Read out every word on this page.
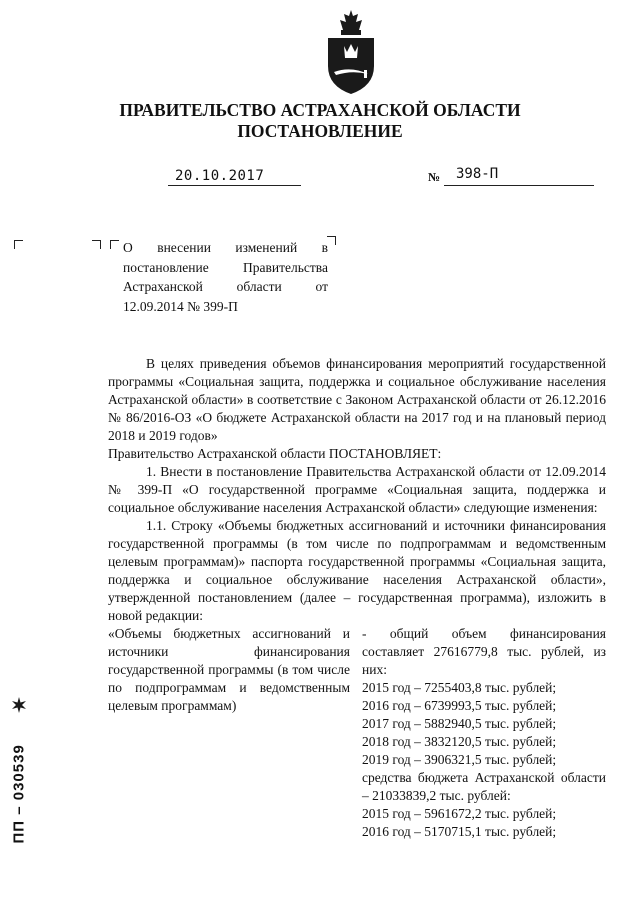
ПРАВИТЕЛЬСТВО АСТРАХАНСКОЙ ОБЛАСТИ
ПОСТАНОВЛЕНИЕ
20.10.2017	№ 398-П
О внесении изменений в постановление Правительства Астраханской области от 12.09.2014 № 399-П

В целях приведения объемов финансирования мероприятий государственной программы «Социальная защита, поддержка и социальное обслуживание населения Астраханской области» в соответствие с Законом Астраханской области от 26.12.2016 № 86/2016-ОЗ «О бюджете Астраханской области на 2017 год и на плановый период 2018 и 2019 годов»

Правительство Астраханской области ПОСТАНОВЛЯЕТ:

1. Внести в постановление Правительства Астраханской области от 12.09.2014 № 399-П «О государственной программе «Социальная защита, поддержка и социальное обслуживание населения Астраханской области» следующие изменения:

1.1. Строку «Объемы бюджетных ассигнований и источники финансирования государственной программы (в том числе по подпрограммам и ведомственным целевым программам)» паспорта государственной программы «Социальная защита, поддержка и социальное обслуживание населения Астраханской области», утвержденной постановлением (далее – государственная программа), изложить в новой редакции:

«Объемы бюджетных ассигнований и источники финансирования государственной программы (в том числе по подпрограммам и ведомственным целевым программам)
- общий объем финансирования составляет 27616779,8 тыс. рублей, из них:
2015 год – 7255403,8 тыс. рублей;
2016 год – 6739993,5 тыс. рублей;
2017 год – 5882940,5 тыс. рублей;
2018 год – 3832120,5 тыс. рублей;
2019 год – 3906321,5 тыс. рублей;
средства бюджета Астраханской области – 21033839,2 тыс. рублей:
2015 год – 5961672,2 тыс. рублей;
2016 год – 5170715,1 тыс. рублей;
ПП – 030539
